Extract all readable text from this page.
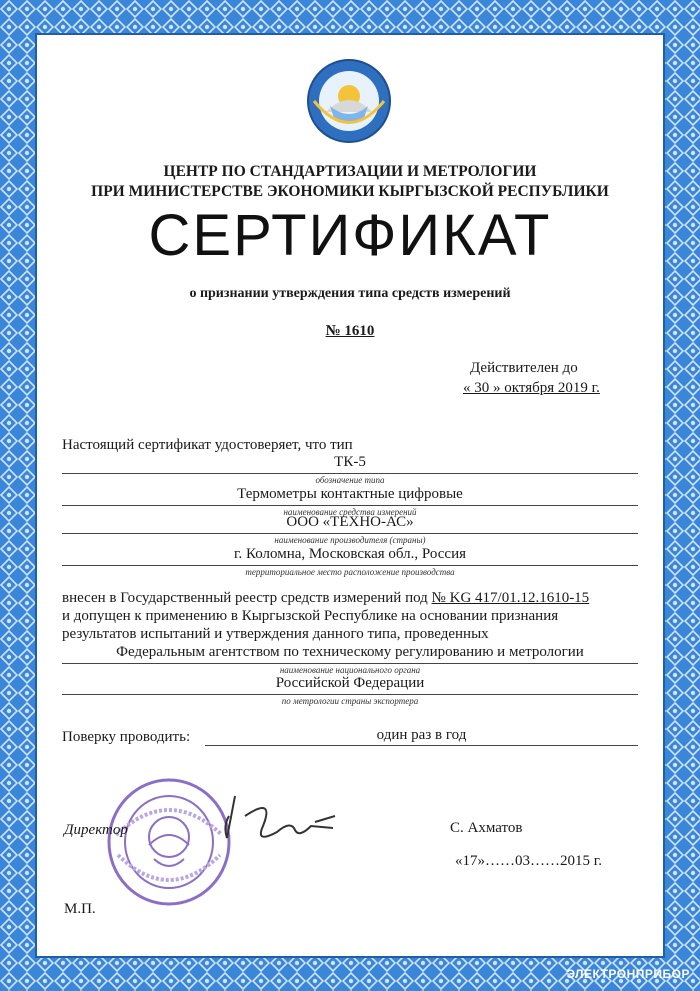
ЦЕНТР ПО СТАНДАРТИЗАЦИИ И МЕТРОЛОГИИ
ПРИ МИНИСТЕРСТВЕ ЭКОНОМИКИ КЫРГЫЗСКОЙ РЕСПУБЛИКИ
СЕРТИФИКАТ
о признании утверждения типа средств измерений
№ 1610
Действителен до
« 30 » октября 2019 г.
Настоящий сертификат удостоверяет, что тип
ТК-5
обозначение типа
Термометры контактные цифровые
наименование средства измерений
ООО «ТЕХНО-АС»
наименование производителя (страны)
г. Коломна, Московская обл., Россия
территориальное место расположение производства
внесен в Государственный реестр средств измерений под № KG 417/01.12.1610-15
и допущен к применению в Кыргызской Республике на основании признания
результатов испытаний и утверждения данного типа, проведенных
Федеральным агентством по техническому регулированию и метрологии
наименование национального органа
Российской Федерации
по метрологии страны экспортера
Поверку проводить:	один раз в год
Директор	С. Ахматов
«17»……03……2015 г.
М.П.
ЭЛЕКТРОНПРИБОР
